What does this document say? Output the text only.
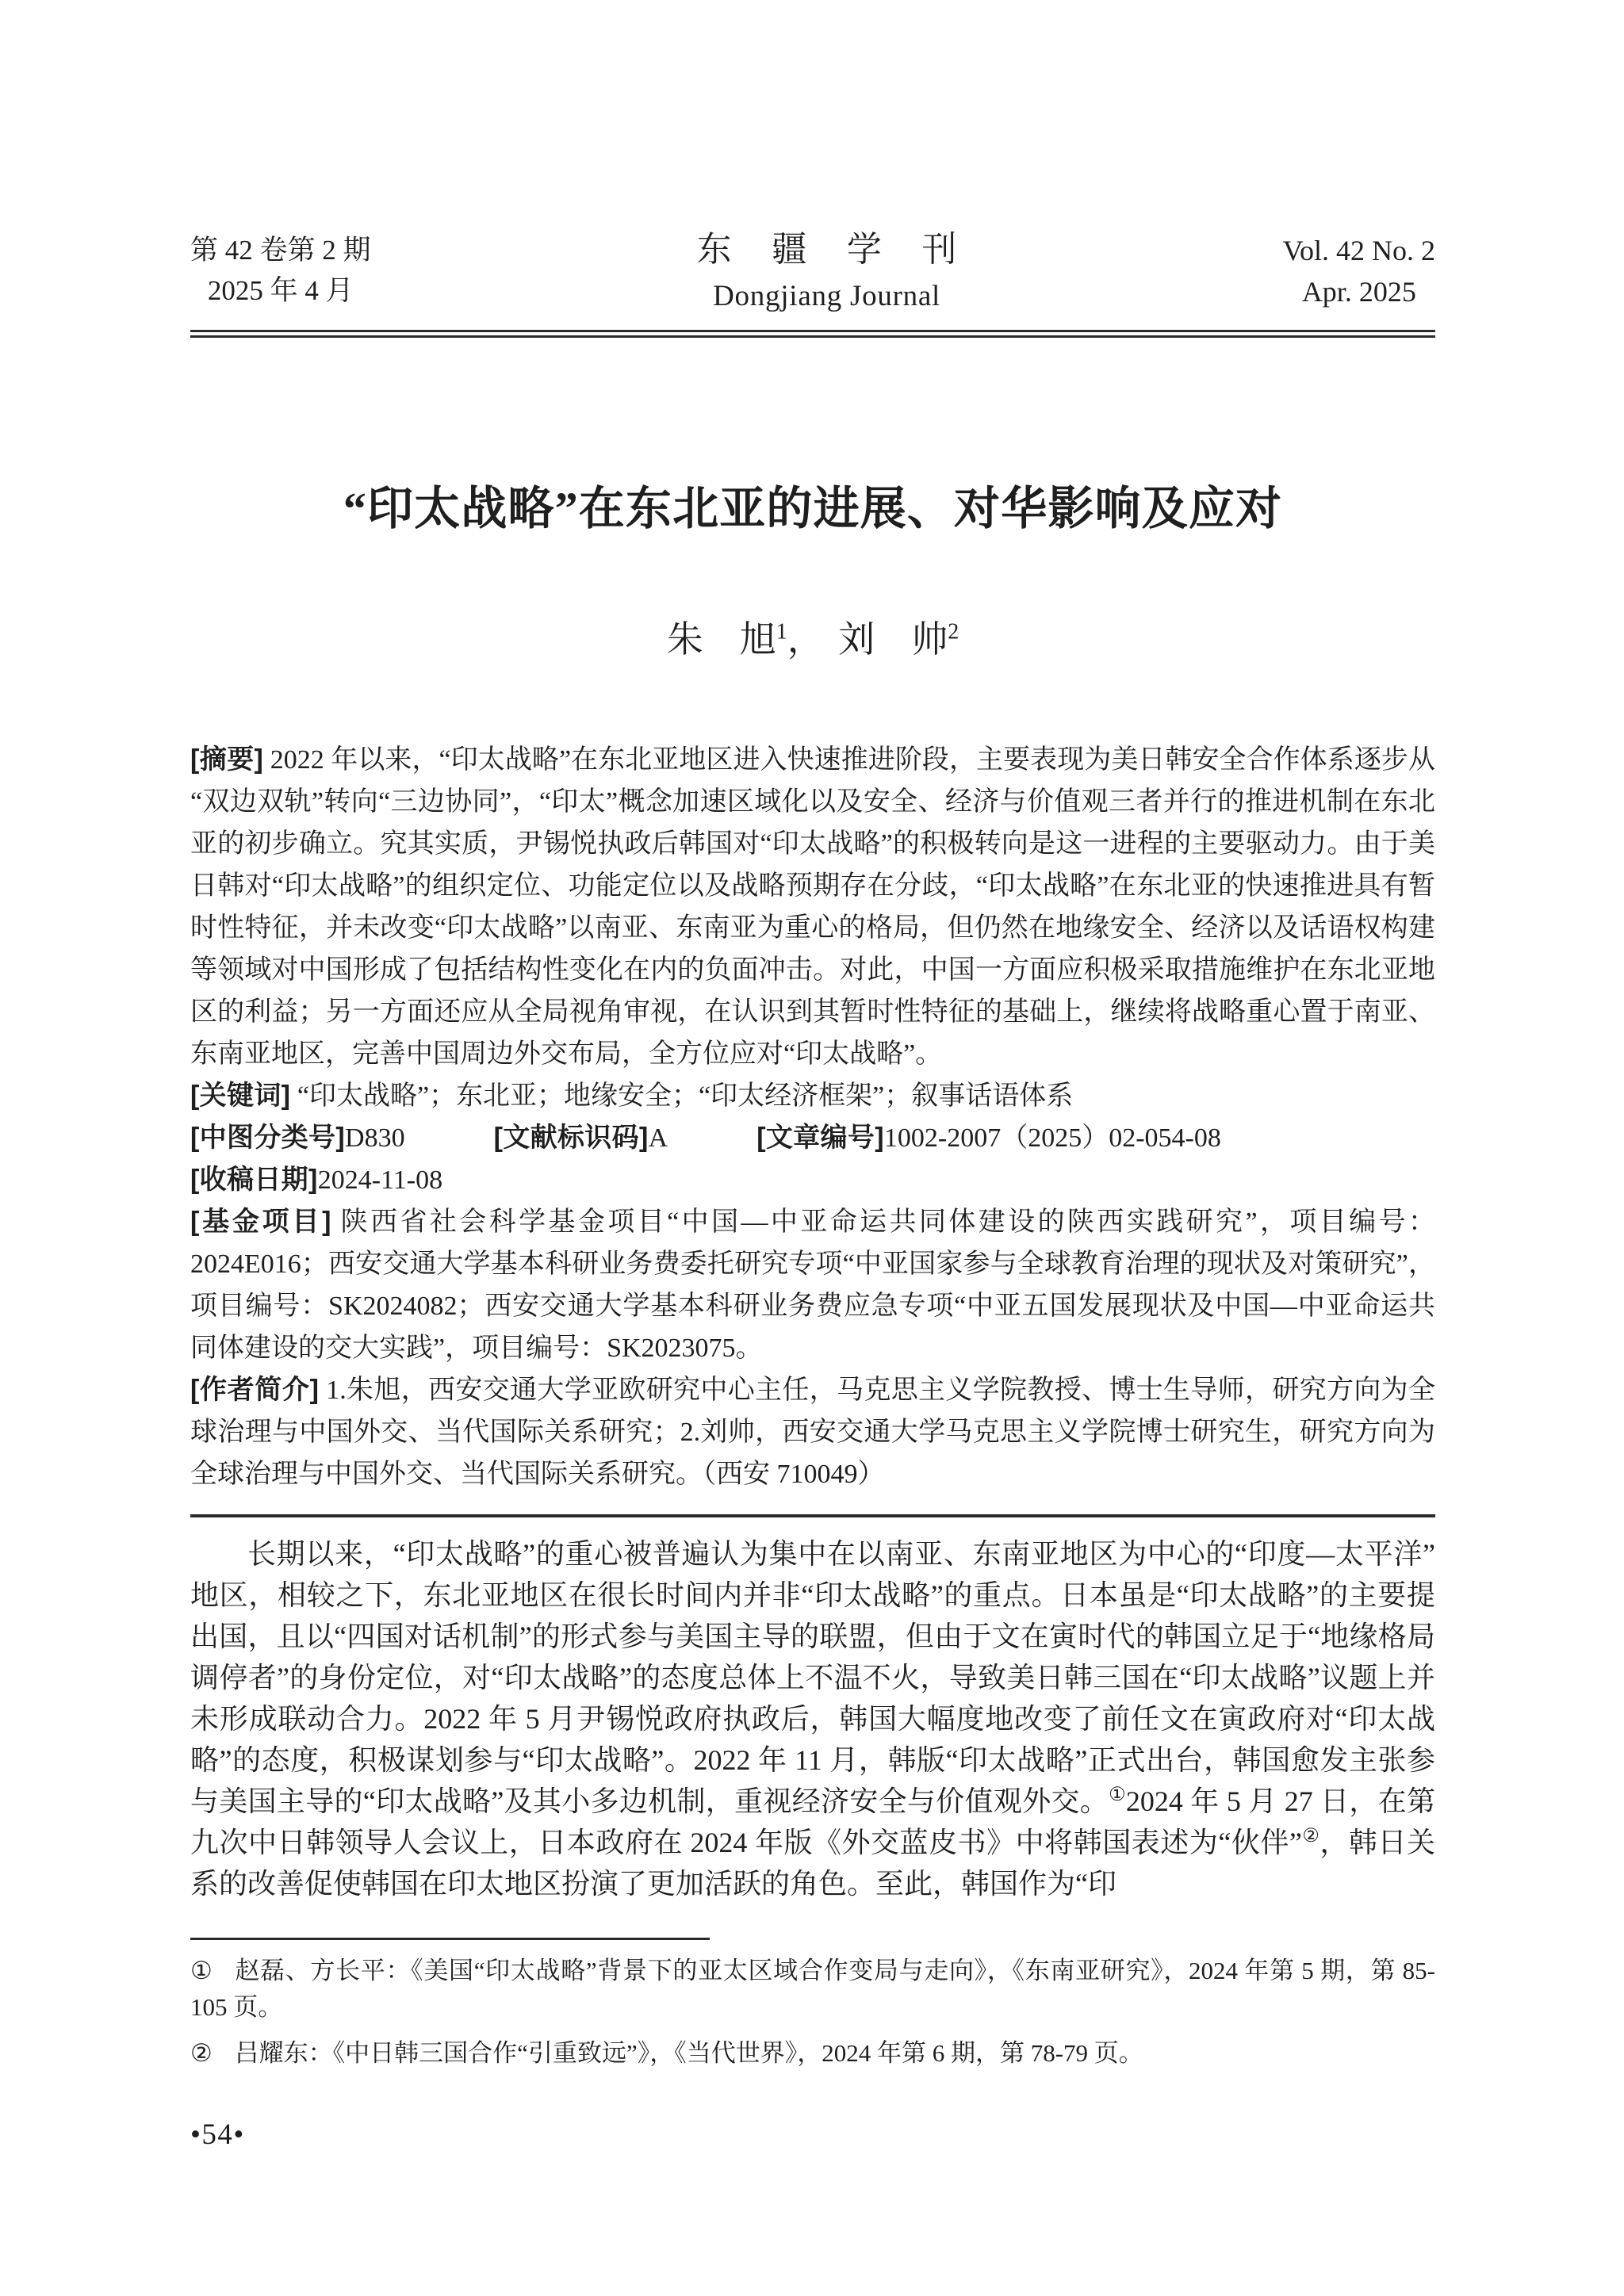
第 42 卷第 2 期
2025 年 4 月
东 疆 学 刊
Dongjiang Journal
Vol. 42 No. 2
Apr. 2025
“印太战略”在东北亚的进展、对华影响及应对
朱　旭$^1$， 刘　帅$^2$

[摘要] 2022 年以来，“印太战略”在东北亚地区进入快速推进阶段，主要表现为美日韩安全合作体系逐步从“双边双轨”转向“三边协同”，“印太”概念加速区域化以及安全、经济与价值观三者并行的推进机制在东北亚的初步确立。究其实质，尹锡悦执政后韩国对“印太战略”的积极转向是这一进程的主要驱动力。由于美日韩对“印太战略”的组织定位、功能定位以及战略预期存在分歧，“印太战略”在东北亚的快速推进具有暂时性特征，并未改变“印太战略”以南亚、东南亚为重心的格局，但仍然在地缘安全、经济以及话语权构建等领域对中国形成了包括结构性变化在内的负面冲击。对此，中国一方面应积极采取措施维护在东北亚地区的利益；另一方面还应从全局视角审视，在认识到其暂时性特征的基础上，继续将战略重心置于南亚、东南亚地区，完善中国周边外交布局，全方位应对“印太战略”。

[关键词] “印太战略”；东北亚；地缘安全；“印太经济框架”；叙事话语体系

[中图分类号]D830	[文献标识码]A	[文章编号]1002-2007（2025）02-054-08

[收稿日期]2024-11-08

[基金项目] 陕西省社会科学基金项目“中国—中亚命运共同体建设的陕西实践研究”，项目编号：2024E016；西安交通大学基本科研业务费委托研究专项“中亚国家参与全球教育治理的现状及对策研究”，项目编号：SK2024082；西安交通大学基本科研业务费应急专项“中亚五国发展现状及中国—中亚命运共同体建设的交大实践”，项目编号：SK2023075。

[作者简介] 1.朱旭，西安交通大学亚欧研究中心主任，马克思主义学院教授、博士生导师，研究方向为全球治理与中国外交、当代国际关系研究；2.刘帅，西安交通大学马克思主义学院博士研究生，研究方向为全球治理与中国外交、当代国际关系研究。（西安 710049）

长期以来，“印太战略”的重心被普遍认为集中在以南亚、东南亚地区为中心的“印度—太平洋”地区，相较之下，东北亚地区在很长时间内并非“印太战略”的重点。日本虽是“印太战略”的主要提出国，且以“四国对话机制”的形式参与美国主导的联盟，但由于文在寅时代的韩国立足于“地缘格局调停者”的身份定位，对“印太战略”的态度总体上不温不火，导致美日韩三国在“印太战略”议题上并未形成联动合力。2022 年 5 月尹锡悦政府执政后，韩国大幅度地改变了前任文在寅政府对“印太战略”的态度，积极谋划参与“印太战略”。2022 年 11 月，韩版“印太战略”正式出台，韩国愈发主张参与美国主导的“印太战略”及其小多边机制，重视经济安全与价值观外交。①2024 年 5 月 27 日，在第九次中日韩领导人会议上，日本政府在 2024 年版《外交蓝皮书》中将韩国表述为“伙伴”②，韩日关系的改善促使韩国在印太地区扮演了更加活跃的角色。至此，韩国作为“印

① 赵磊、方长平：《美国“印太战略”背景下的亚太区域合作变局与走向》，《东南亚研究》，2024 年第 5 期，第 85-105 页。

② 吕耀东：《中日韩三国合作“引重致远”》，《当代世界》，2024 年第 6 期，第 78-79 页。

•54•
